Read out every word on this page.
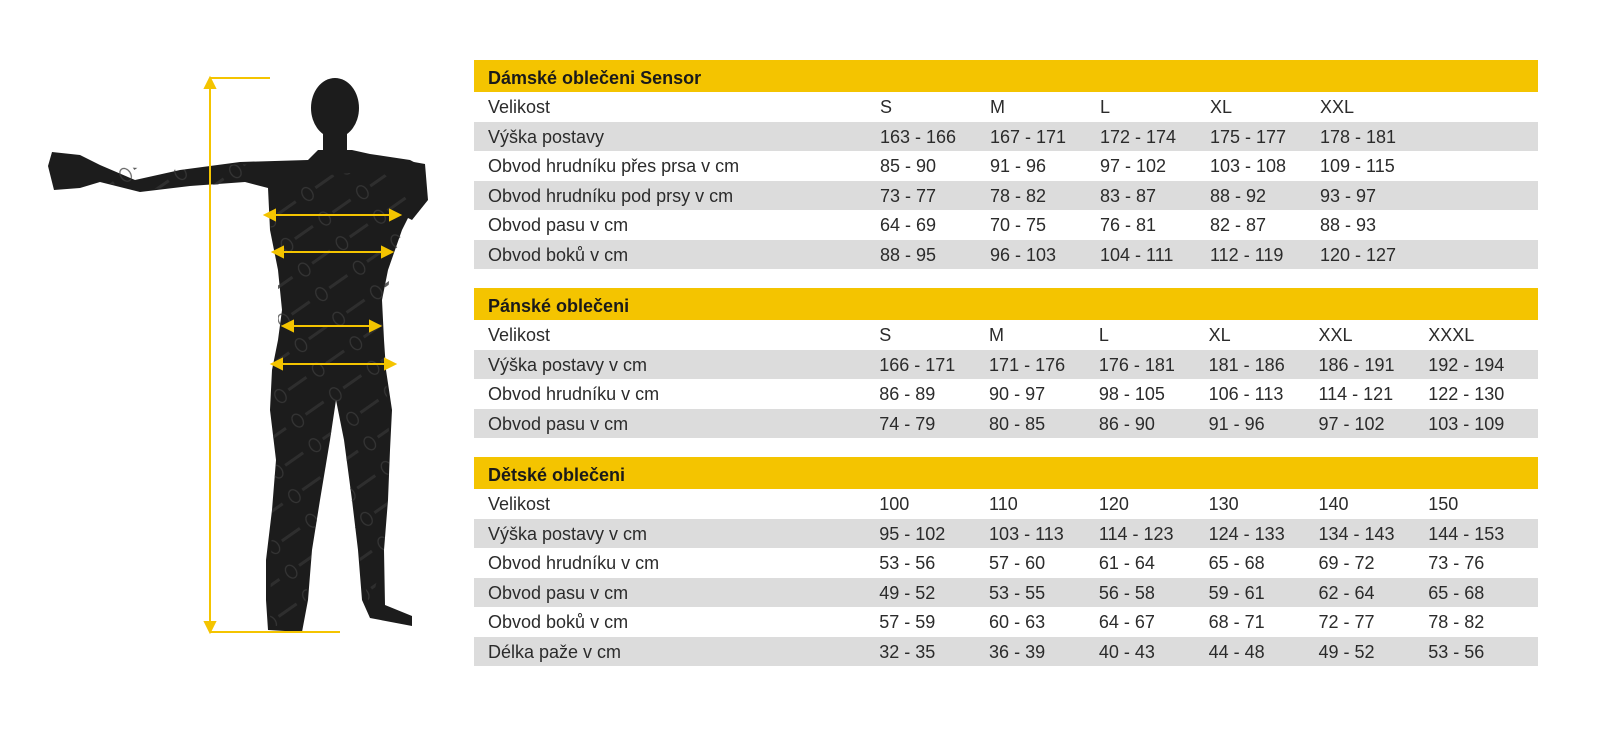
Dámské oblečeni Sensor
Velikost	S	M	L	XL	XXL
Výška postavy	163 - 166	167 - 171	172 - 174	175 - 177	178 - 181
Obvod hrudníku přes prsa v cm	85 - 90	91 - 96	97 - 102	103 - 108	109 - 115
Obvod hrudníku pod prsy v cm	73 - 77	78 - 82	83 - 87	88 - 92	93 - 97
Obvod pasu v cm	64 - 69	70 - 75	76 - 81	82 - 87	88 - 93
Obvod boků v cm	88 - 95	96 - 103	104 - 111	112 - 119	120 - 127
Pánské oblečeni
Velikost	S	M	L	XL	XXL	XXXL
Výška postavy v cm	166 - 171	171 - 176	176 - 181	181 - 186	186 - 191	192 - 194
Obvod hrudníku v cm	86 - 89	90 - 97	98 - 105	106 - 113	114 - 121	122 - 130
Obvod pasu v cm	74 - 79	80 - 85	86 - 90	91 - 96	97 - 102	103 - 109
Dětské oblečeni
Velikost	100	110	120	130	140	150
Výška postavy v cm	95 - 102	103 - 113	114 - 123	124 - 133	134 - 143	144 - 153
Obvod hrudníku v cm	53 - 56	57 - 60	61 - 64	65 - 68	69 - 72	73 - 76
Obvod pasu v cm	49 - 52	53 - 55	56 - 58	59 - 61	62 - 64	65 - 68
Obvod boků v cm	57 - 59	60 - 63	64 - 67	68 - 71	72 - 77	78 - 82
Délka paže v cm	32 - 35	36 - 39	40 - 43	44 - 48	49 - 52	53 - 56
